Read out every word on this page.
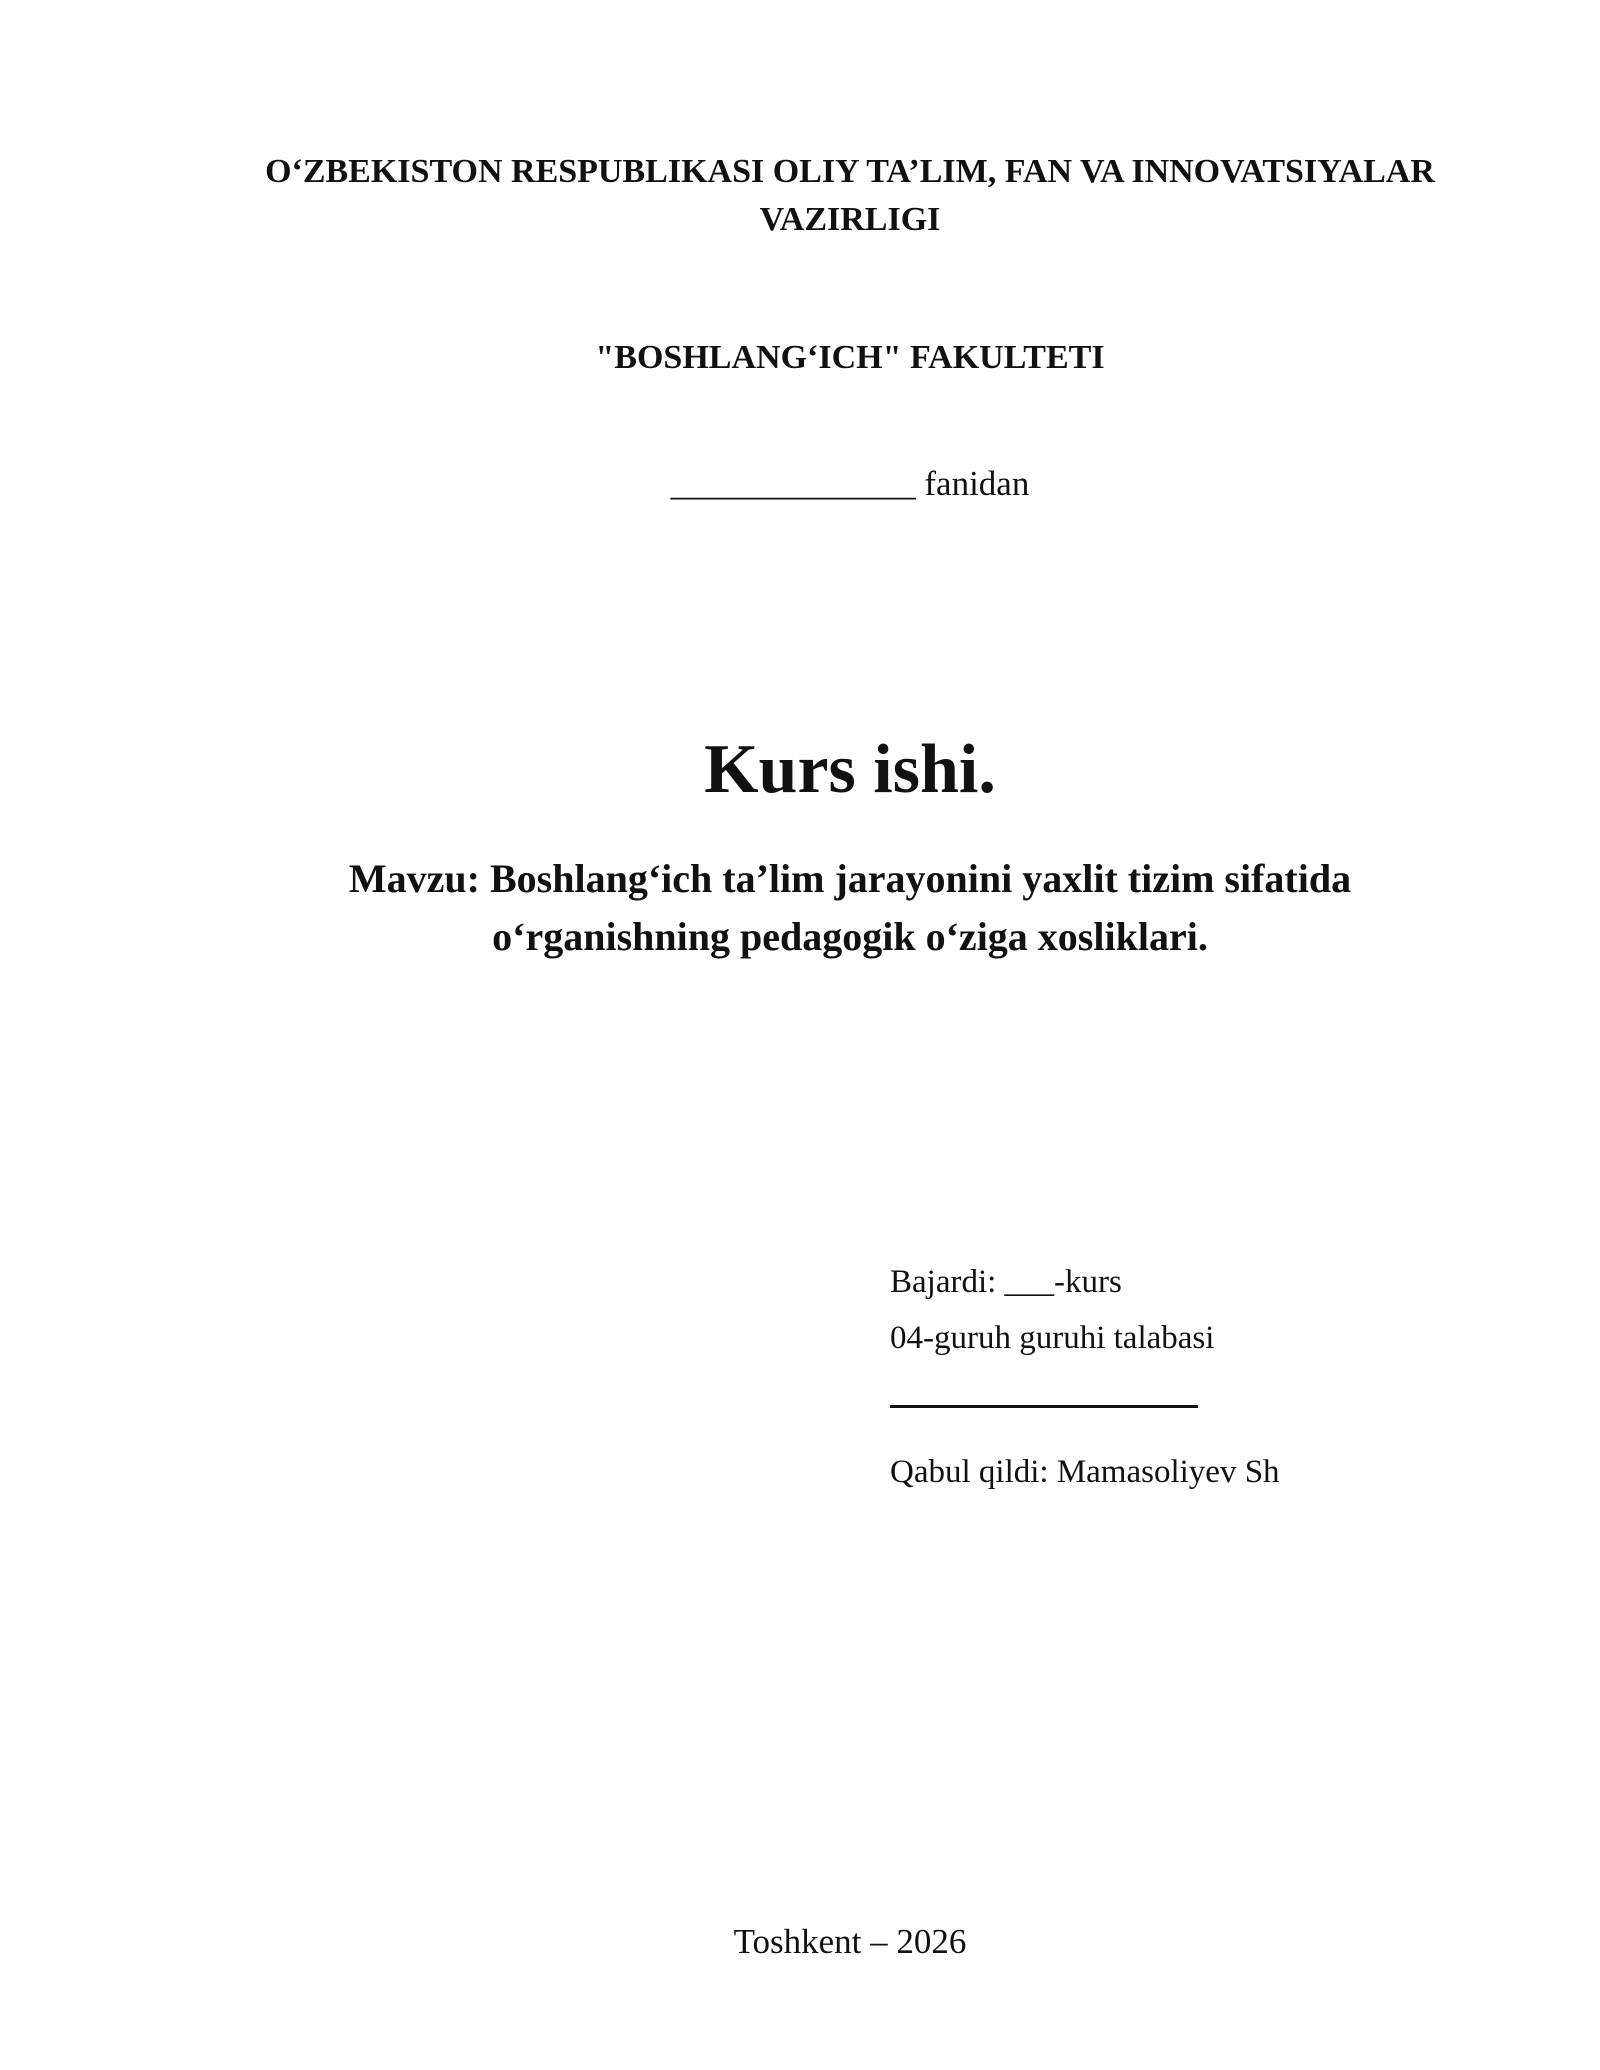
O‘ZBEKISTON RESPUBLIKASI OLIY TA’LIM, FAN VA INNOVATSIYALAR VAZIRLIGI
"BOSHLANG‘ICH" FAKULTETI
______________ fanidan
Kurs ishi.
Mavzu: Boshlang‘ich ta’lim jarayonini yaxlit tizim sifatida o‘rganishning pedagogik o‘ziga xosliklari.
Bajardi: ___-kurs
04-guruh guruhi talabasi
Qabul qildi: Mamasoliyev Sh
Toshkent – 2026
